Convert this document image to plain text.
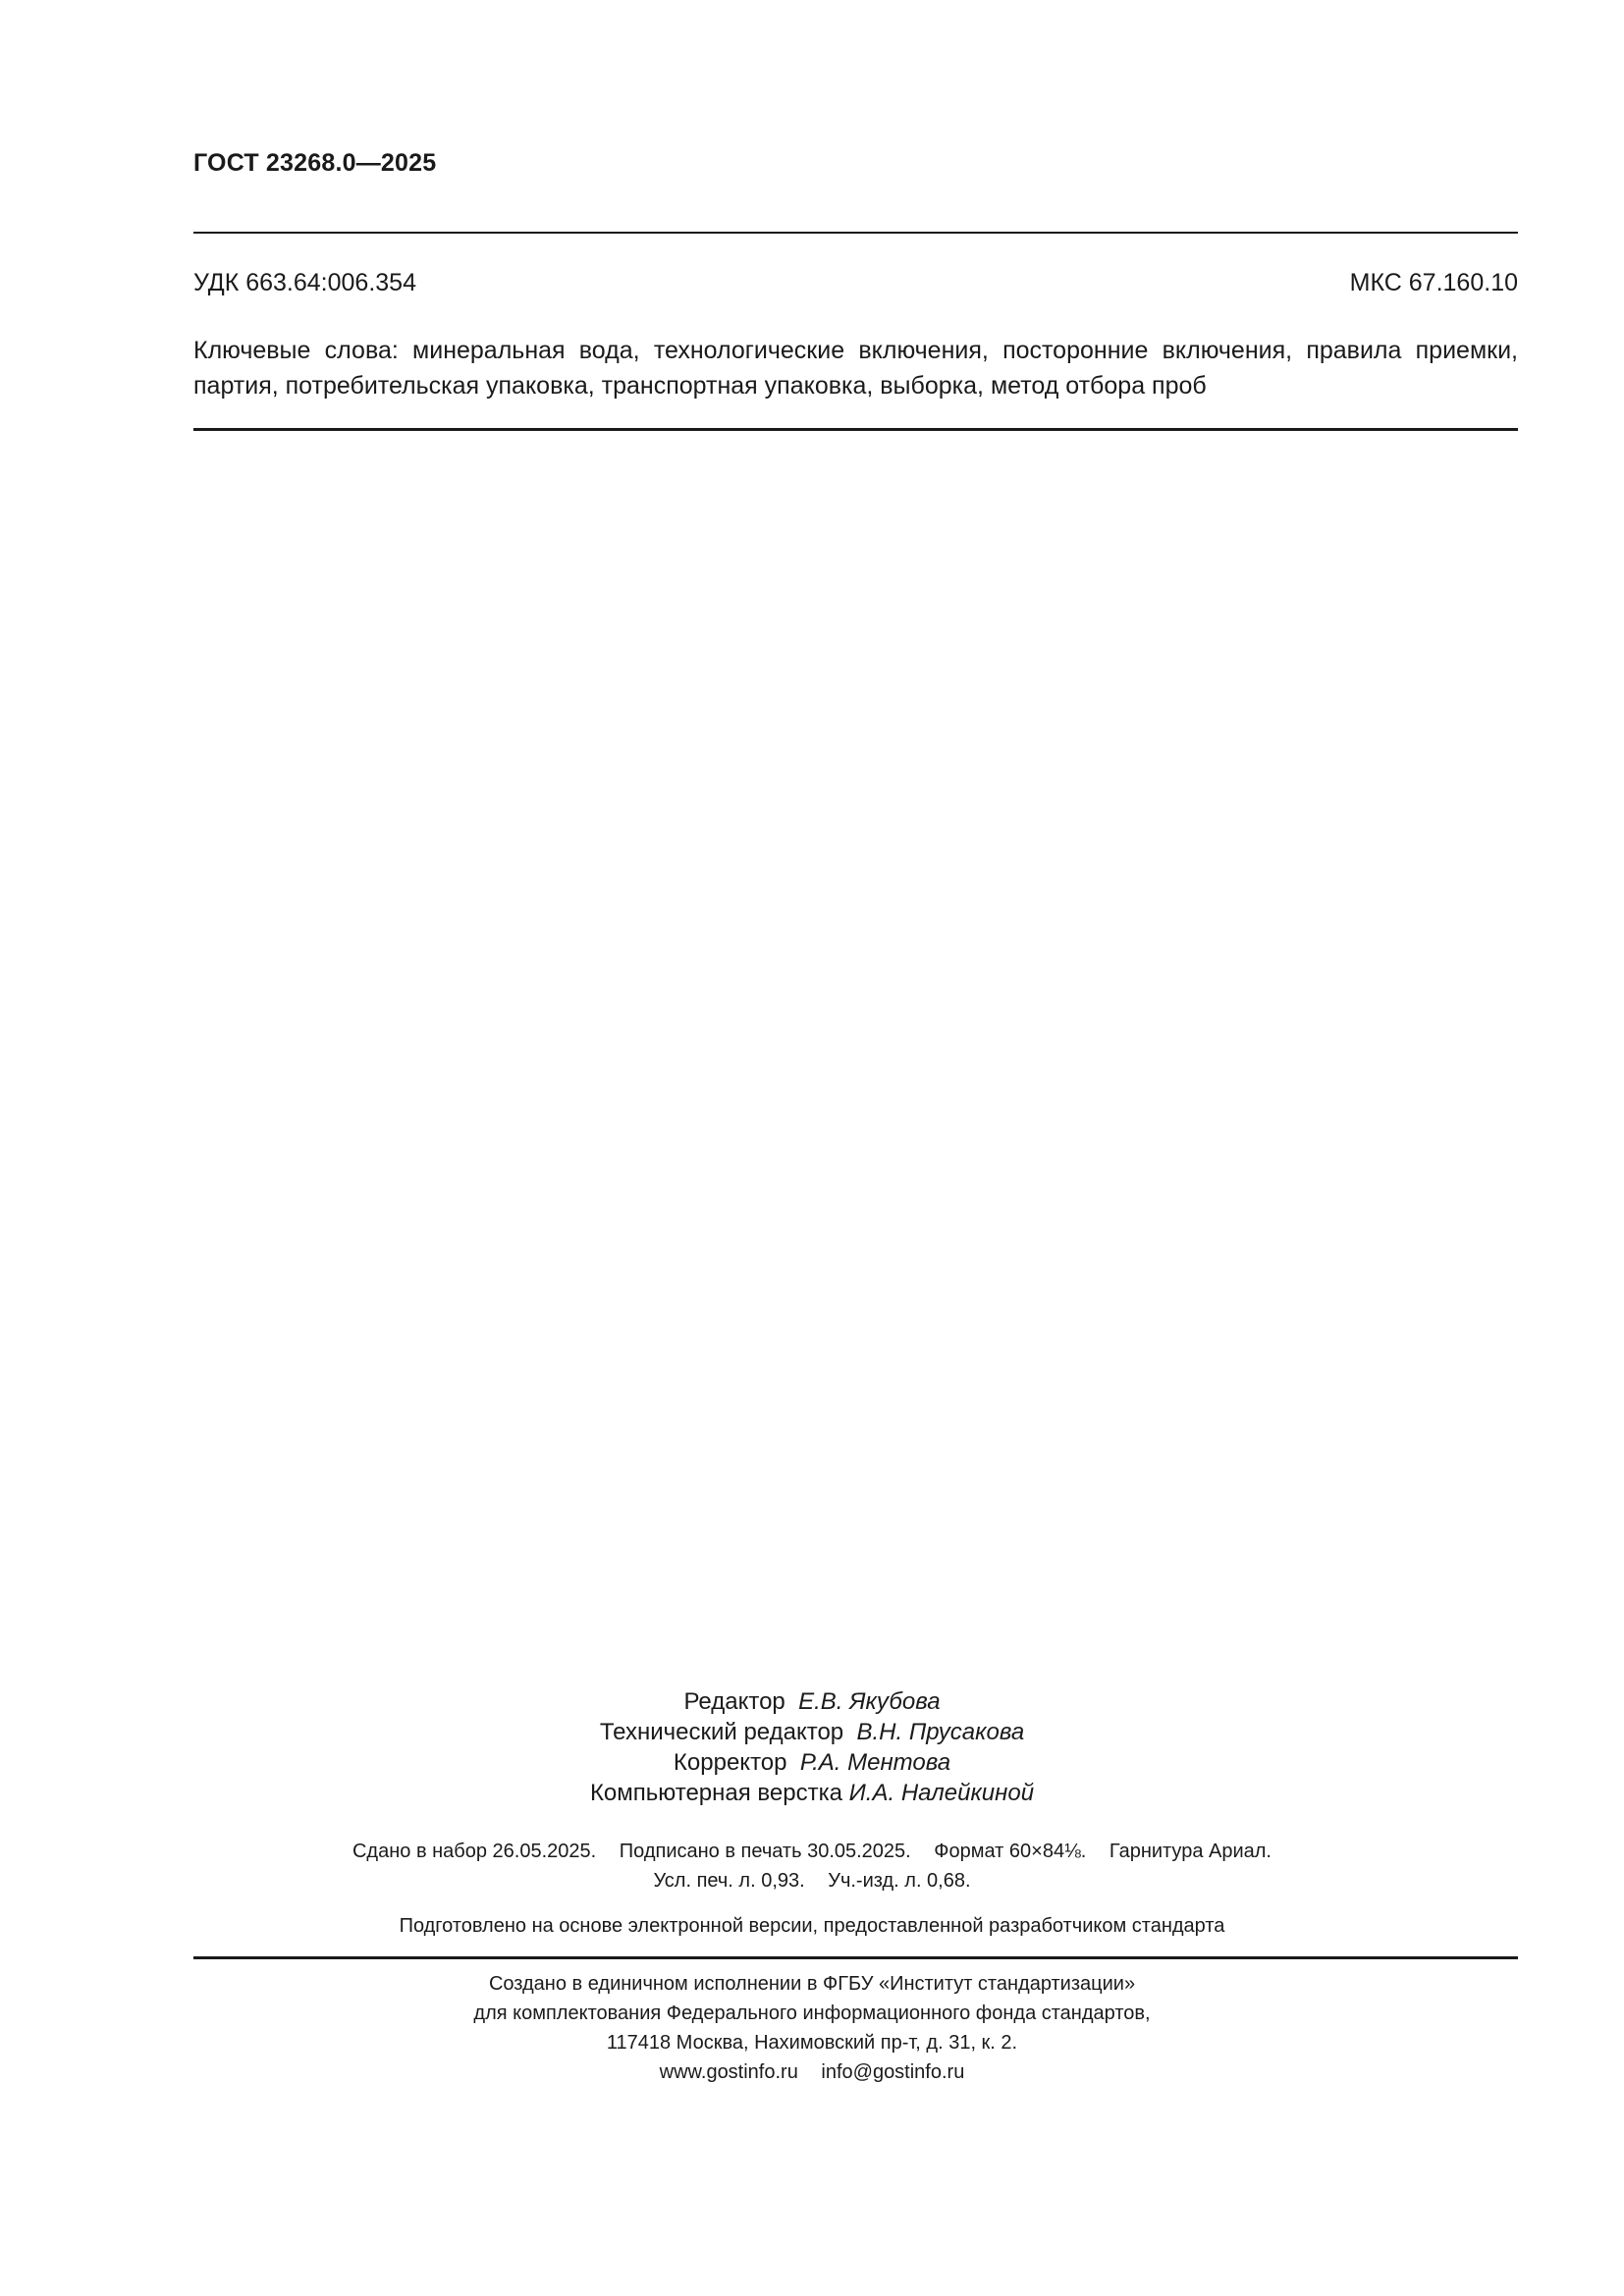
ГОСТ 23268.0—2025
УДК 663.64:006.354	МКС 67.160.10
Ключевые слова: минеральная вода, технологические включения, посторонние включения, правила приемки, партия, потребительская упаковка, транспортная упаковка, выборка, метод отбора проб
Редактор Е.В. Якубова
Технический редактор В.Н. Прусакова
Корректор Р.А. Ментова
Компьютерная верстка И.А. Налейкиной
Сдано в набор 26.05.2025. Подписано в печать 30.05.2025. Формат 60×84⅛. Гарнитура Ариал.
Усл. печ. л. 0,93. Уч.-изд. л. 0,68.
Подготовлено на основе электронной версии, предоставленной разработчиком стандарта
Создано в единичном исполнении в ФГБУ «Институт стандартизации»
для комплектования Федерального информационного фонда стандартов,
117418 Москва, Нахимовский пр-т, д. 31, к. 2.
www.gostinfo.ru info@gostinfo.ru
